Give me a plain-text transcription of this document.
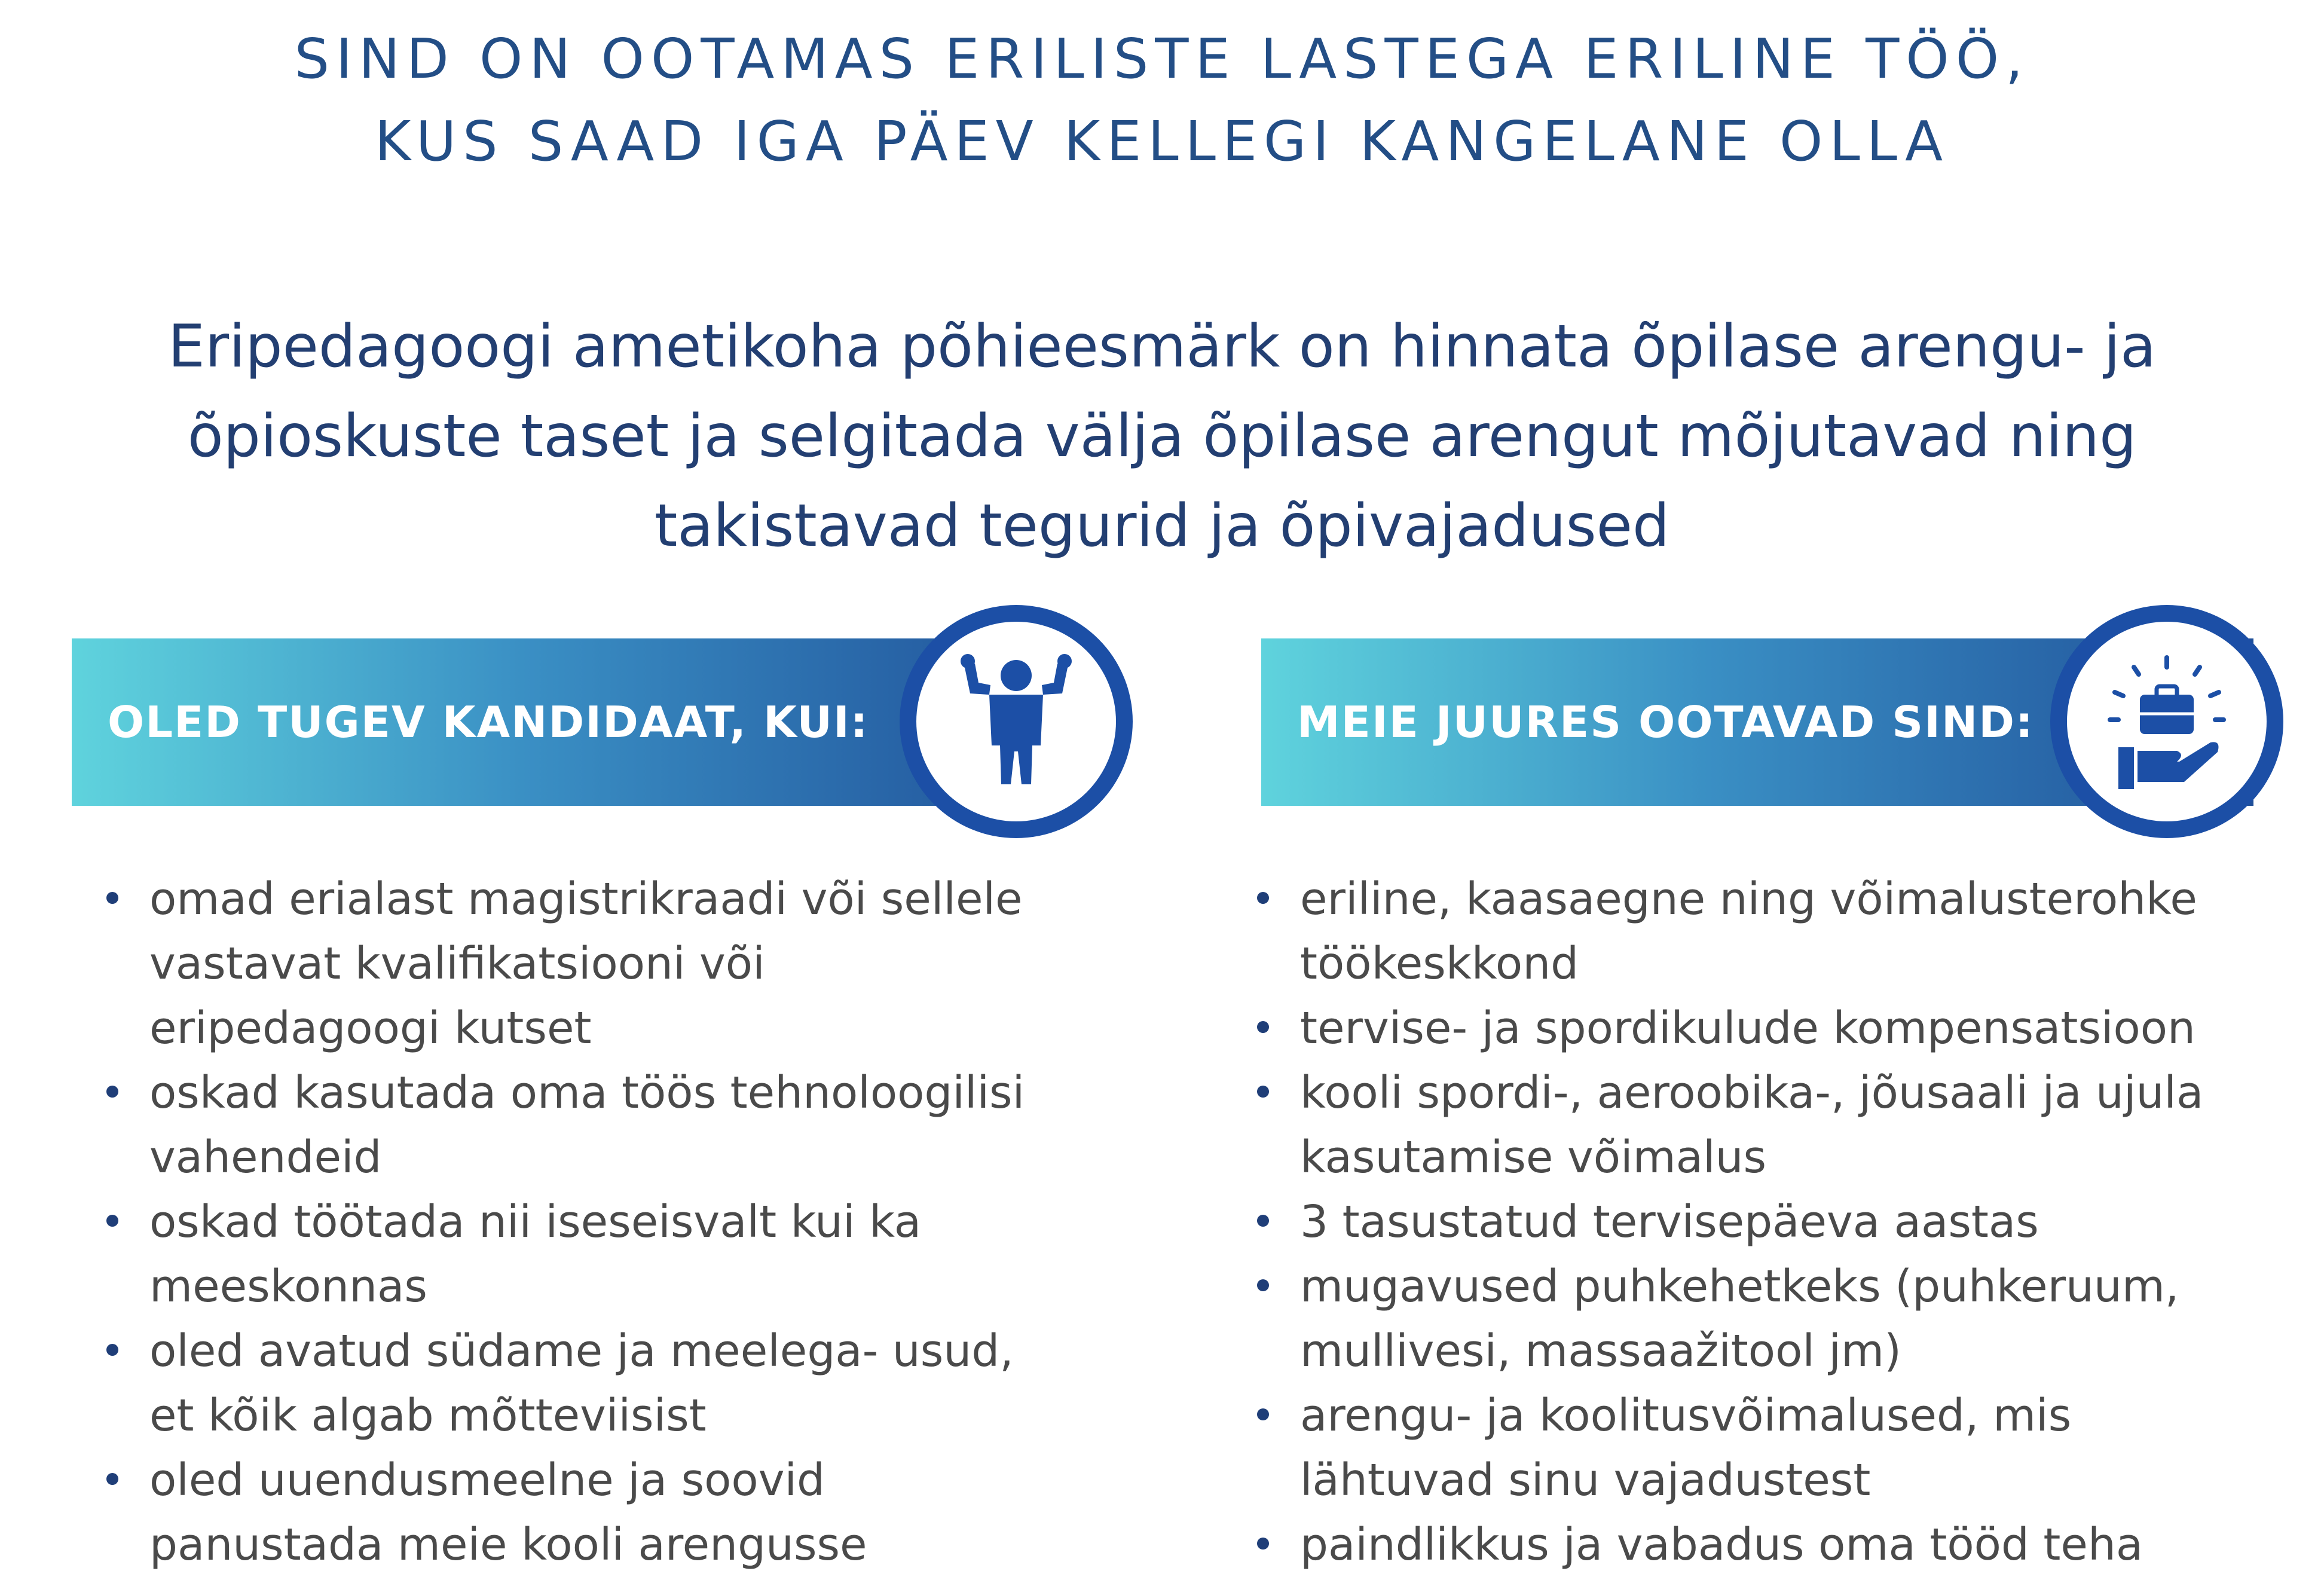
SIND ON OOTAMAS ERILISTE LASTEGA ERILINE TÖÖ,
KUS SAAD IGA PÄEV KELLEGI KANGELANE OLLA
Eripedagoogi ametikoha põhieesmärk on hinnata õpilase arengu- ja
õpioskuste taset ja selgitada välja õpilase arengut mõjutavad ning
takistavad tegurid ja õpivajadused
OLED TUGEV KANDIDAAT, KUI:	MEIE JUURES OOTAVAD SIND:
omad erialast magistrikraadi või sellele
vastavat kvalifikatsiooni või
eripedagoogi kutset
oskad kasutada oma töös tehnoloogilisi
vahendeid
oskad töötada nii iseseisvalt kui ka
meeskonnas
oled avatud südame ja meelega- usud,
et kõik algab mõtteviisist
oled uuendusmeelne ja soovid
panustada meie kooli arengusse
eriline, kaasaegne ning võimalusterohke
töökeskkond
tervise- ja spordikulude kompensatsioon
kooli spordi-, aeroobika-, jõusaali ja ujula
kasutamise võimalus
3 tasustatud tervisepäeva aastas
mugavused puhkehetkeks (puhkeruum,
mullivesi, massaažitool jm)
arengu- ja koolitusvõimalused, mis
lähtuvad sinu vajadustest
paindlikkus ja vabadus oma tööd teha
